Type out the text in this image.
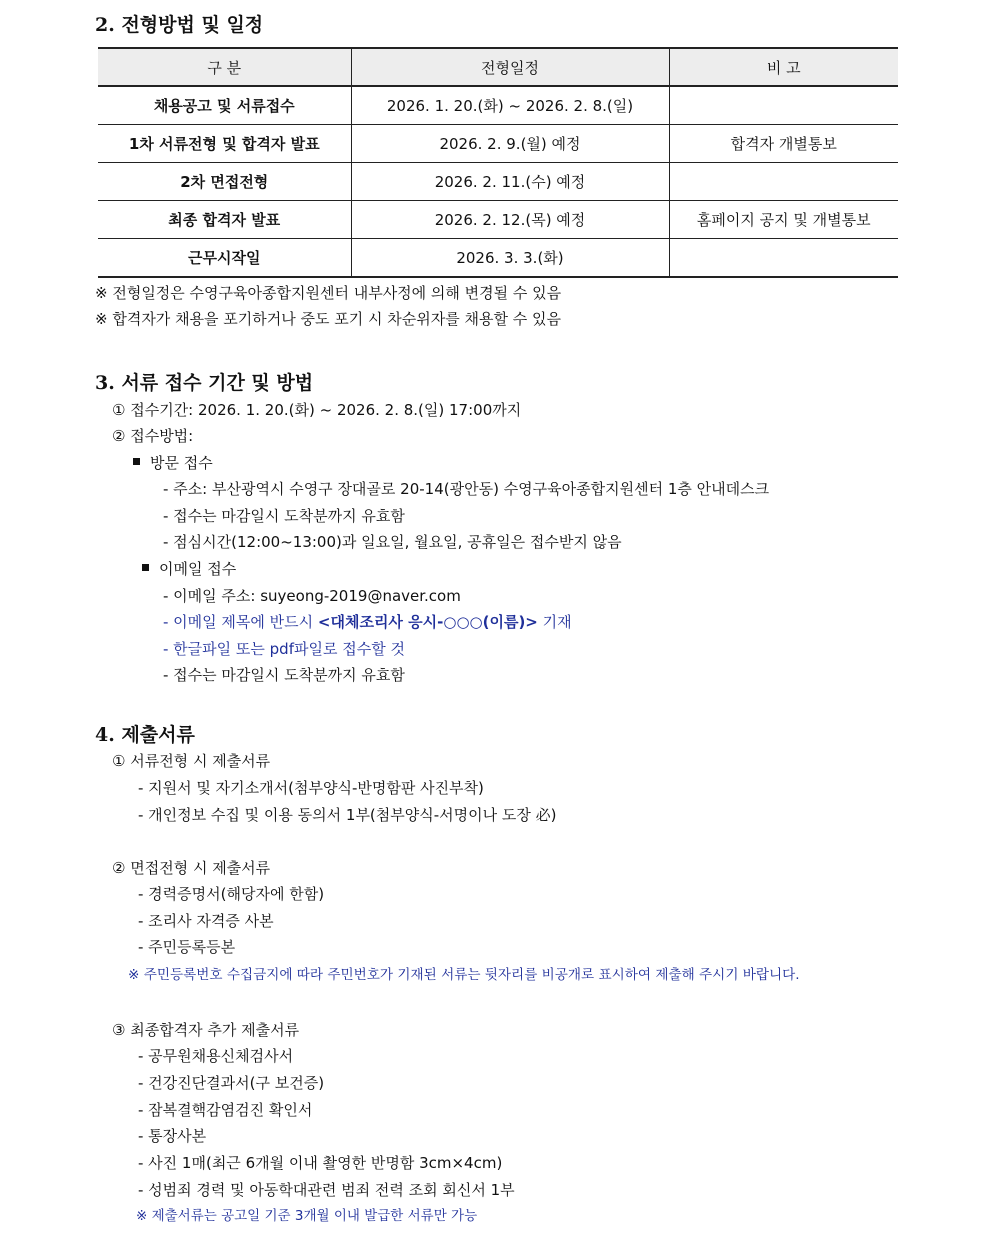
2. 전형방법 및 일정
구 분	전형일정	비 고
채용공고 및 서류접수	2026. 1. 20.(화) ~ 2026. 2. 8.(일)	
1차 서류전형 및 합격자 발표	2026. 2. 9.(월) 예정	합격자 개별통보
2차 면접전형	2026. 2. 11.(수) 예정	
최종 합격자 발표	2026. 2. 12.(목) 예정	홈페이지 공지 및 개별통보
근무시작일	2026. 3. 3.(화)	

※ 전형일정은 수영구육아종합지원센터 내부사정에 의해 변경될 수 있음

※ 합격자가 채용을 포기하거나 중도 포기 시 차순위자를 채용할 수 있음

3. 서류 접수 기간 및 방법

① 접수기간: 2026. 1. 20.(화) ~ 2026. 2. 8.(일) 17:00까지

② 접수방법:

방문 접수

- 주소: 부산광역시 수영구 장대골로 20-14(광안동) 수영구육아종합지원센터 1층 안내데스크

- 접수는 마감일시 도착분까지 유효함

- 점심시간(12:00~13:00)과 일요일, 월요일, 공휴일은 접수받지 않음

이메일 접수

- 이메일 주소: suyeong-2019@naver.com

- 이메일 제목에 반드시 <대체조리사 응시-○○○(이름)> 기재

- 한글파일 또는 pdf파일로 접수할 것

- 접수는 마감일시 도착분까지 유효함

4. 제출서류

① 서류전형 시 제출서류

- 지원서 및 자기소개서(첨부양식-반명함판 사진부착)

- 개인정보 수집 및 이용 동의서 1부(첨부양식-서명이나 도장 必)

② 면접전형 시 제출서류

- 경력증명서(해당자에 한함)

- 조리사 자격증 사본

- 주민등록등본

※ 주민등록번호 수집금지에 따라 주민번호가 기재된 서류는 뒷자리를 비공개로 표시하여 제출해 주시기 바랍니다.

③ 최종합격자 추가 제출서류

- 공무원채용신체검사서

- 건강진단결과서(구 보건증)

- 잠복결핵감염검진 확인서

- 통장사본

- 사진 1매(최근 6개월 이내 촬영한 반명함 3cm×4cm)

- 성범죄 경력 및 아동학대관련 범죄 전력 조회 회신서 1부

※ 제출서류는 공고일 기준 3개월 이내 발급한 서류만 가능
